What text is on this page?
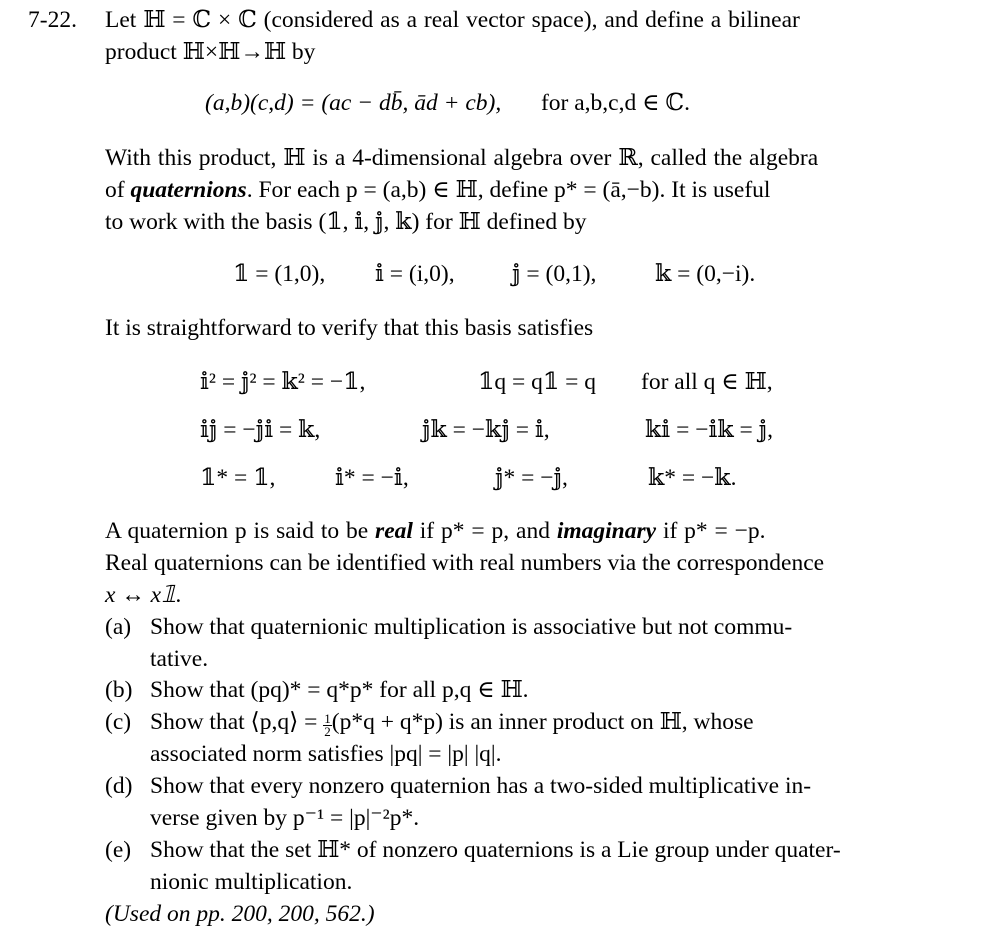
7-22. Let ℍ = ℂ × ℂ (considered as a real vector space), and define a bilinear
product ℍ×ℍ→ℍ by
(a,b)(c,d) = (ac − db̄, ād + cb), for a,b,c,d ∈ ℂ.
With this product, ℍ is a 4-dimensional algebra over ℝ, called the algebra
of quaternions. For each p = (a,b) ∈ ℍ, define p* = (ā,−b). It is useful
to work with the basis (𝟙, 𝕚, 𝕛, 𝕜) for ℍ defined by
𝟙 = (1,0), 𝕚 = (i,0), 𝕛 = (0,1), 𝕜 = (0,−i).
It is straightforward to verify that this basis satisfies
𝕚² = 𝕛² = 𝕜² = −𝟙,	𝟙q = q𝟙 = q for all q ∈ ℍ,
𝕚𝕛 = −𝕛𝕚 = 𝕜,	𝕛𝕜 = −𝕜𝕛 = 𝕚,	𝕜𝕚 = −𝕚𝕜 = 𝕛,
𝟙* = 𝟙,	𝕚* = −𝕚,	𝕛* = −𝕛,	𝕜* = −𝕜.
A quaternion p is said to be real if p* = p, and imaginary if p* = −p.
Real quaternions can be identified with real numbers via the correspondence
x ↔ x𝟙.
(a) Show that quaternionic multiplication is associative but not commu-
tative.
(b) Show that (pq)* = q*p* for all p,q ∈ ℍ.
(c) Show that ⟨p,q⟩ = $\frac{1}{2} (p*q + q*p)$ is an inner product on ℍ, whose
associated norm satisfies |pq| = |p| |q|.
(d) Show that every nonzero quaternion has a two-sided multiplicative in-
verse given by p⁻¹ = |p|⁻²p*.
(e) Show that the set ℍ* of nonzero quaternions is a Lie group under quater-
nionic multiplication.
(Used on pp. 200, 200, 562.)
